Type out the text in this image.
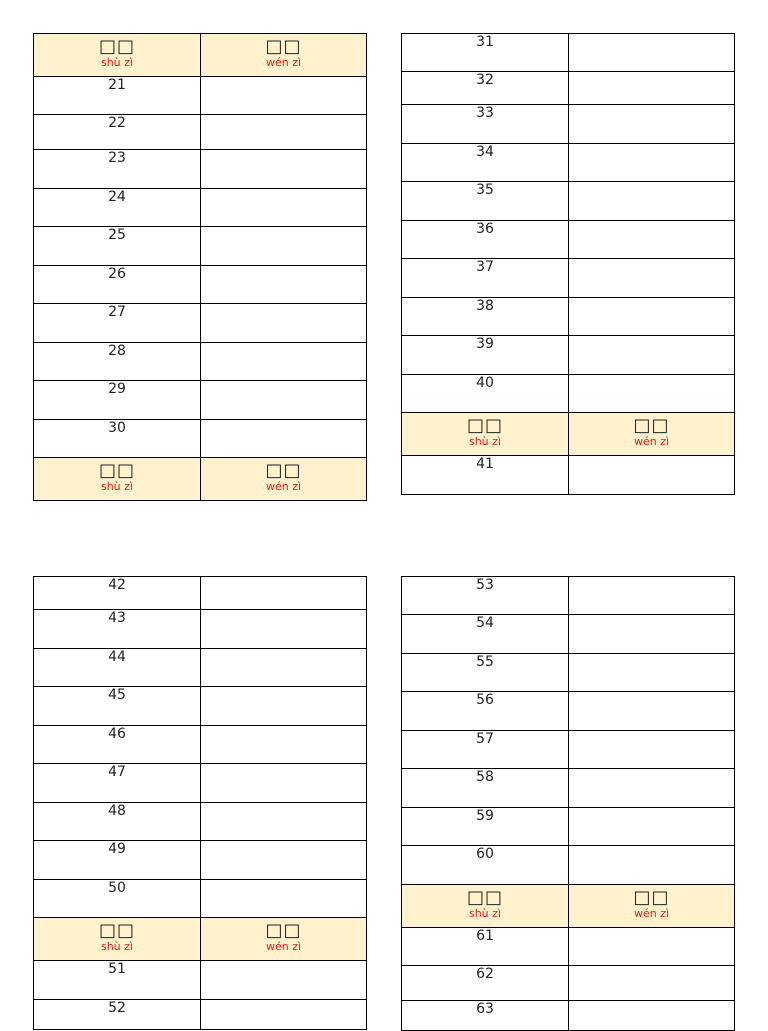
□□
shù zì
□□
wén zì
21
22
23
24
25
26
27
28
29
30
□□
shù zì
□□
wén zì
31
32
33
34
35
36
37
38
39
40
□□
shù zì
□□
wén zì
41
42
43
44
45
46
47
48
49
50
□□
shù zì
□□
wén zì
51
52
53
54
55
56
57
58
59
60
□□
shù zì
□□
wén zì
61
62
63
